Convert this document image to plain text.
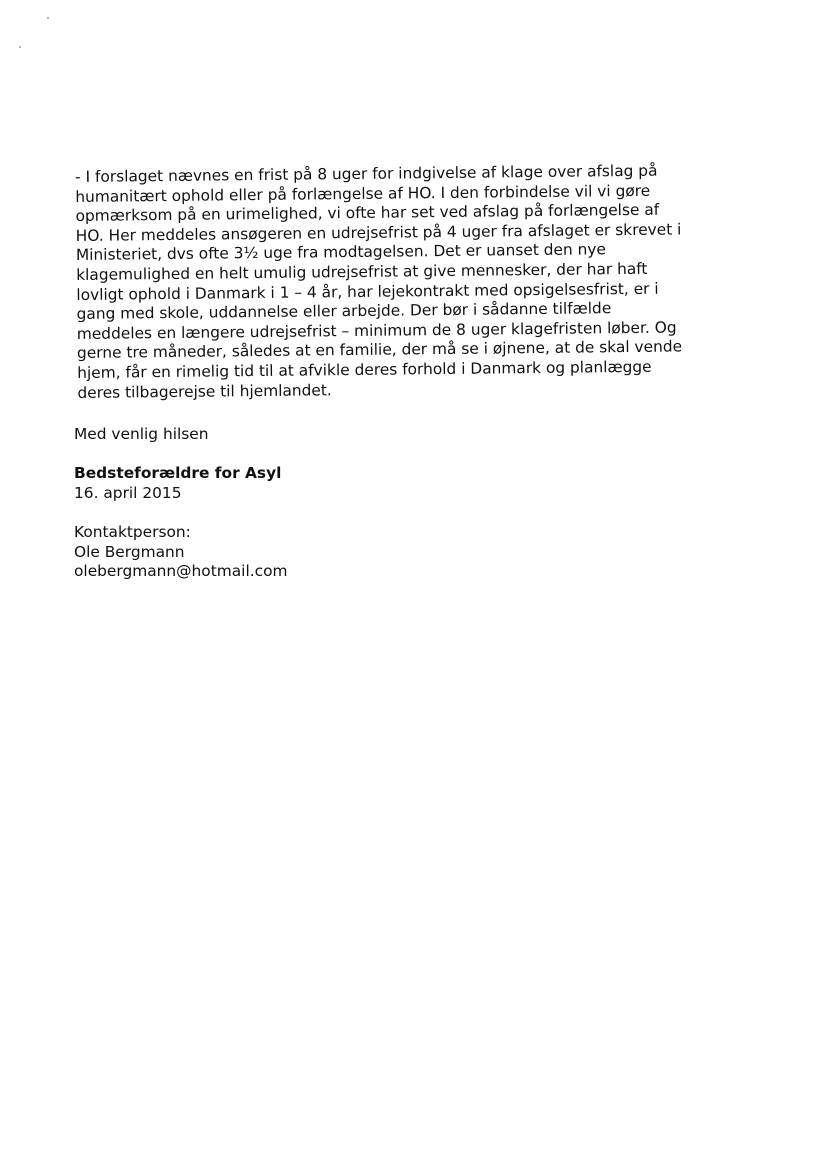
- I forslaget nævnes en frist på 8 uger for indgivelse af klage over afslag på
humanitært ophold eller på forlængelse af HO. I den forbindelse vil vi gøre
opmærksom på en urimelighed, vi ofte har set ved afslag på forlængelse af
HO. Her meddeles ansøgeren en udrejsefrist på 4 uger fra afslaget er skrevet i
Ministeriet, dvs ofte 3½ uge fra modtagelsen. Det er uanset den nye
klagemulighed en helt umulig udrejsefrist at give mennesker, der har haft
lovligt ophold i Danmark i 1 – 4 år, har lejekontrakt med opsigelsesfrist, er i
gang med skole, uddannelse eller arbejde. Der bør i sådanne tilfælde
meddeles en længere udrejsefrist – minimum de 8 uger klagefristen løber. Og
gerne tre måneder, således at en familie, der må se i øjnene, at de skal vende
hjem, får en rimelig tid til at afvikle deres forhold i Danmark og planlægge
deres tilbagerejse til hjemlandet.
Med venlig hilsen
Bedsteforældre for Asyl
16. april 2015
Kontaktperson:
Ole Bergmann
olebergmann@hotmail.com
